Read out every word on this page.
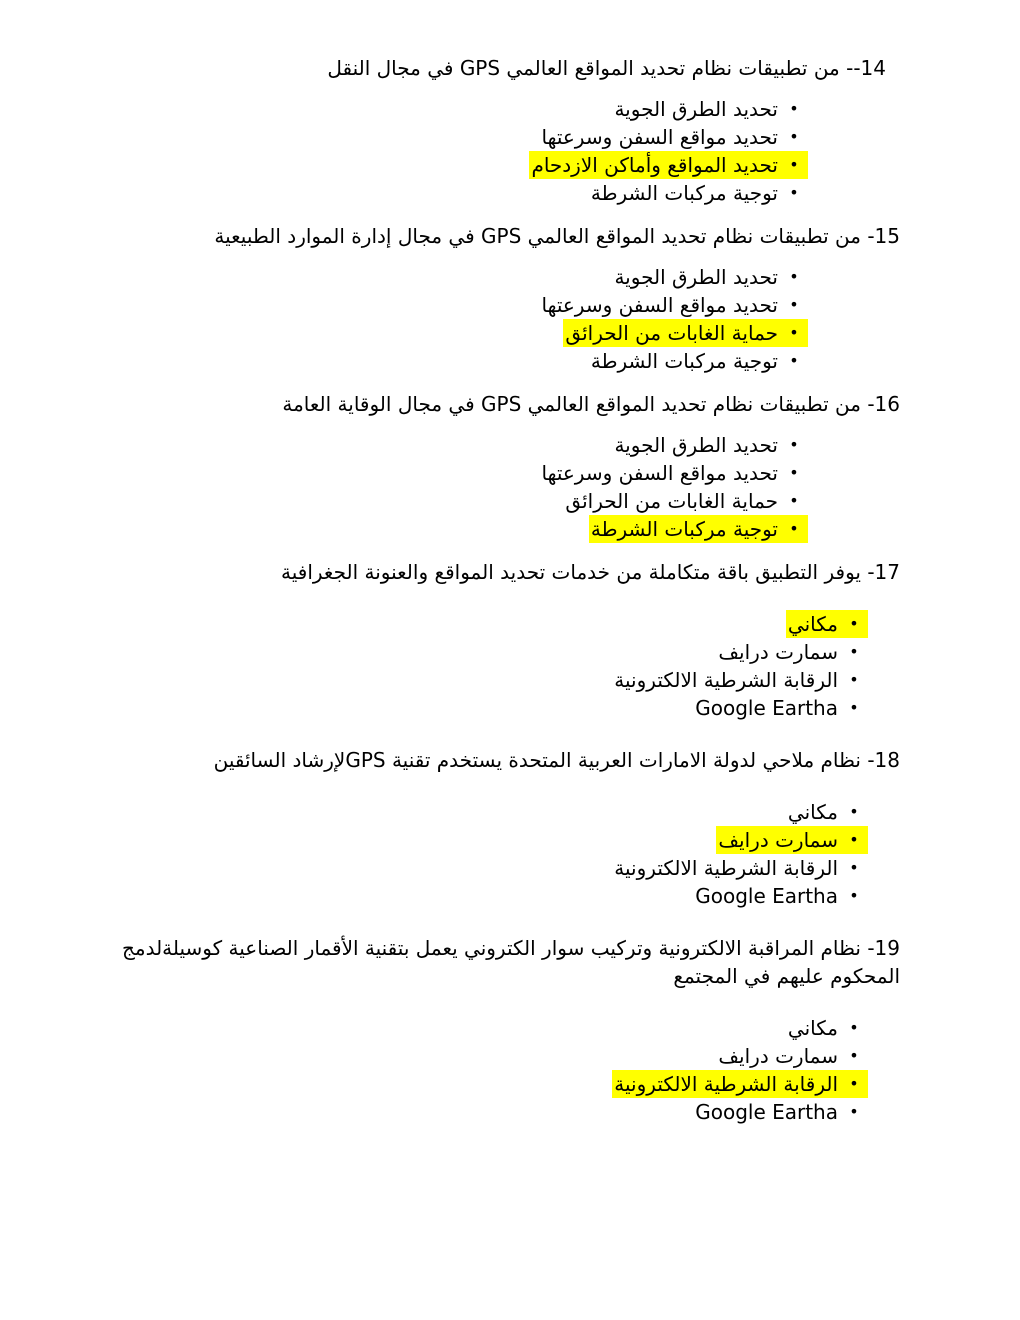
14-- من تطبيقات نظام تحديد المواقع العالمي GPS في مجال النقل

•
تحديد الطرق الجوية
•
تحديد مواقع السفن وسرعتها
•
تحديد المواقع وأماكن الازدحام
•
توجية مركبات الشرطة

15- من تطبيقات نظام تحديد المواقع العالمي GPS في مجال إدارة الموارد الطبيعية

•
تحديد الطرق الجوية
•
تحديد مواقع السفن وسرعتها
•
حماية الغابات من الحرائق
•
توجية مركبات الشرطة

16- من تطبيقات نظام تحديد المواقع العالمي GPS في مجال الوقاية العامة

•
تحديد الطرق الجوية
•
تحديد مواقع السفن وسرعتها
•
حماية الغابات من الحرائق
•
توجية مركبات الشرطة

17- يوفر التطبيق باقة متكاملة من خدمات تحديد المواقع والعنونة الجغرافية

•
مكاني
•
سمارت درايف
•
الرقابة الشرطية الالكترونية
•
Google Eartha

18- نظام ملاحي لدولة الامارات العربية المتحدة يستخدم تقنية GPSلإرشاد السائقين

•
مكاني
•
سمارت درايف
•
الرقابة الشرطية الالكترونية
•
Google Eartha

19- نظام المراقبة الالكترونية وتركيب سوار الكتروني يعمل بتقنية الأقمار الصناعية كوسيلةلدمج المحكوم عليهم في المجتمع

•
مكاني
•
سمارت درايف
•
الرقابة الشرطية الالكترونية
•
Google Eartha
